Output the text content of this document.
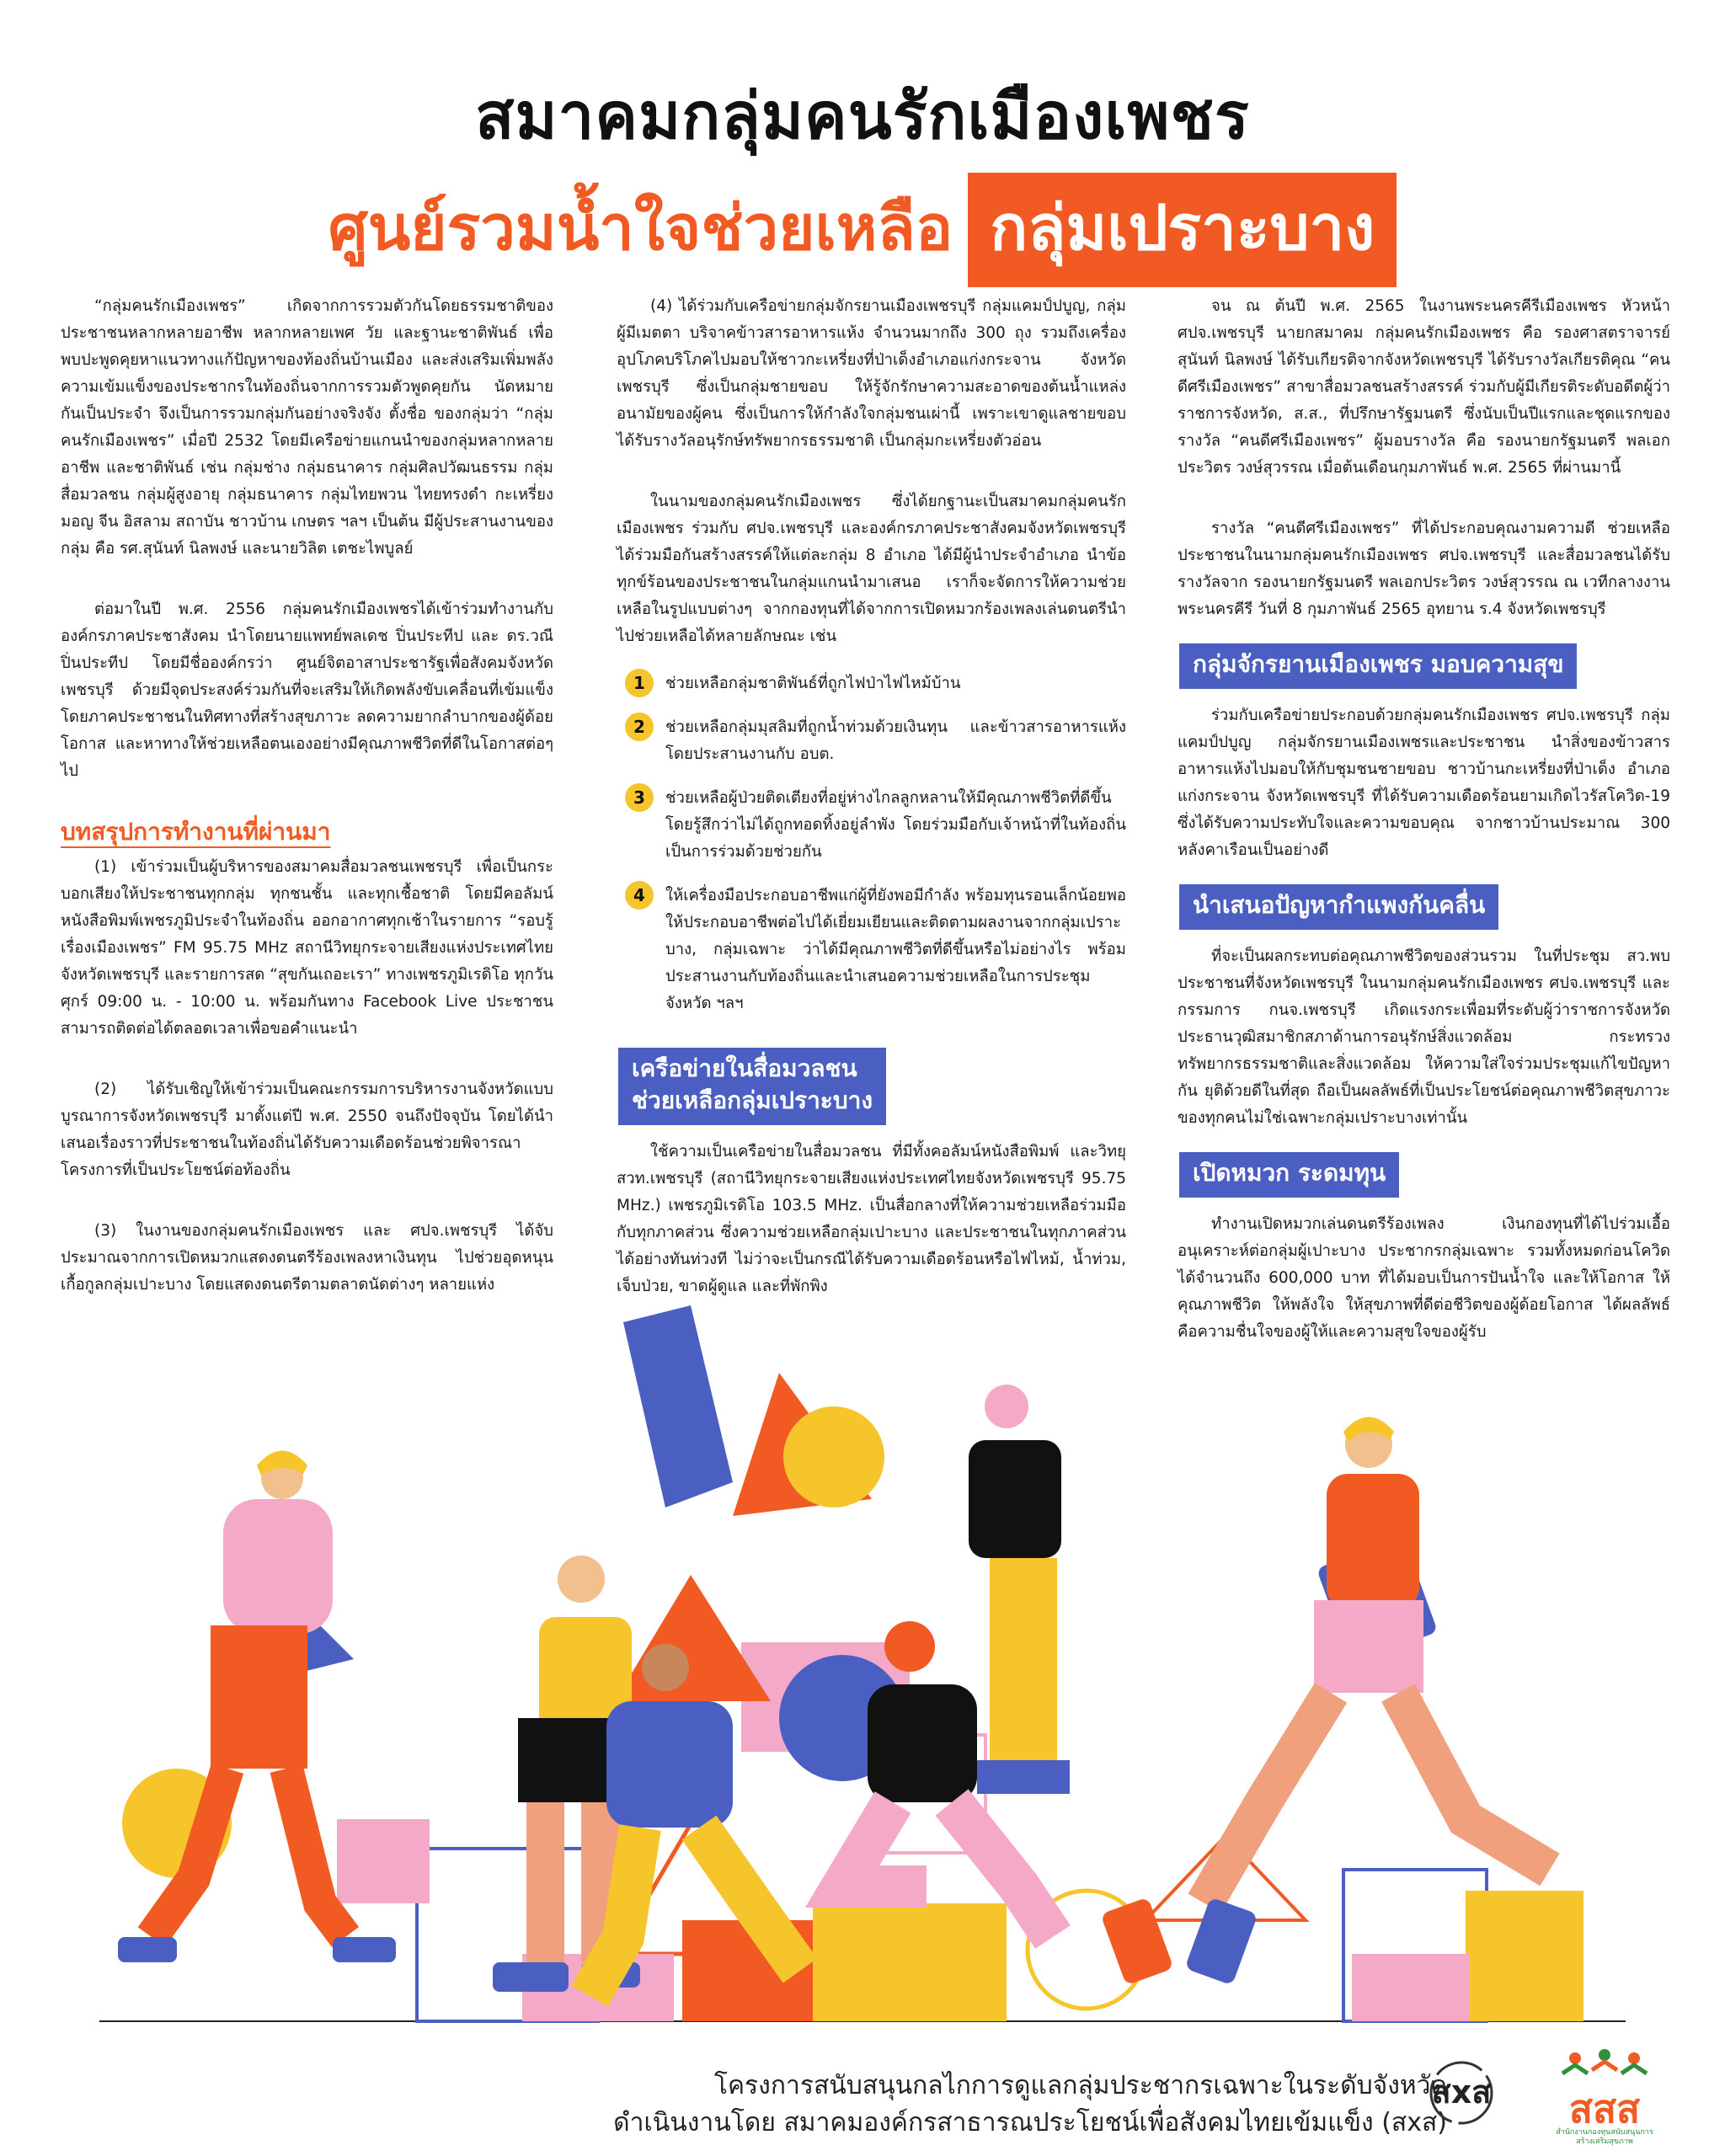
สมาคมกลุ่มคนรักเมืองเพชร
ศูนย์รวมน้ำใจช่วยเหลือ กลุ่มเปราะบาง

“กลุ่มคนรักเมืองเพชร” เกิดจากการรวมตัวกันโดยธรรมชาติของประชาชนหลากหลายอาชีพ หลากหลายเพศ วัย และฐานะชาติพันธ์ เพื่อพบปะพูดคุยหาแนวทางแก้ปัญหาของท้องถิ่นบ้านเมือง และส่งเสริมเพิ่มพลังความเข้มแข็งของประชากรในท้องถิ่นจากการรวมตัวพูดคุยกัน นัดหมายกันเป็นประจำ จึงเป็นการรวมกลุ่มกันอย่างจริงจัง ตั้งชื่อ ของกลุ่มว่า “กลุ่มคนรักเมืองเพชร” เมื่อปี 2532 โดยมีเครือข่ายแกนนำของกลุ่มหลากหลายอาชีพ และชาติพันธ์ เช่น กลุ่มช่าง กลุ่มธนาคาร กลุ่มศิลปวัฒนธรรม กลุ่มสื่อมวลชน กลุ่มผู้สูงอายุ กลุ่มธนาคาร กลุ่มไทยพวน ไทยทรงดำ กะเหรี่ยง มอญ จีน อิสลาม สถาบัน ชาวบ้าน เกษตร ฯลฯ เป็นต้น มีผู้ประสานงานของกลุ่ม คือ รศ.สุนันท์ นิลพงษ์ และนายวิลิต เตชะไพบูลย์

ต่อมาในปี พ.ศ. 2556 กลุ่มคนรักเมืองเพชรได้เข้าร่วมทำงานกับองค์กรภาคประชาสังคม นำโดยนายแพทย์พลเดช ปิ่นประทีป และ ดร.วณี ปิ่นประทีป โดยมีชื่อองค์กรว่า ศูนย์จิตอาสาประชารัฐเพื่อสังคมจังหวัดเพชรบุรี ด้วยมีจุดประสงค์ร่วมกันที่จะเสริมให้เกิดพลังขับเคลื่อนที่เข้มแข็งโดยภาคประชาชนในทิศทางที่สร้างสุขภาวะ ลดความยากลำบากของผู้ด้อยโอกาส และหาทางให้ช่วยเหลือตนเองอย่างมีคุณภาพชีวิตที่ดีในโอกาสต่อๆไป

บทสรุปการทำงานที่ผ่านมา

(1) เข้าร่วมเป็นผู้บริหารของสมาคมสื่อมวลชนเพชรบุรี เพื่อเป็นกระบอกเสียงให้ประชาชนทุกกลุ่ม ทุกชนชั้น และทุกเชื้อชาติ โดยมีคอลัมน์หนังสือพิมพ์เพชรภูมิประจำในท้องถิ่น ออกอากาศทุกเช้าในรายการ “รอบรู้เรื่องเมืองเพชร” FM 95.75 MHz สถานีวิทยุกระจายเสียงแห่งประเทศไทยจังหวัดเพชรบุรี และรายการสด “สุขกันเถอะเรา” ทางเพชรภูมิเรดิโอ ทุกวันศุกร์ 09:00 น. - 10:00 น. พร้อมกันทาง Facebook Live ประชาชนสามารถติดต่อได้ตลอดเวลาเพื่อขอคำแนะนำ

(2) ได้รับเชิญให้เข้าร่วมเป็นคณะกรรมการบริหารงานจังหวัดแบบบูรณาการจังหวัดเพชรบุรี มาตั้งแต่ปี พ.ศ. 2550 จนถึงปัจจุบัน โดยได้นำเสนอเรื่องราวที่ประชาชนในท้องถิ่นได้รับความเดือดร้อนช่วยพิจารณาโครงการที่เป็นประโยชน์ต่อท้องถิ่น

(3) ในงานของกลุ่มคนรักเมืองเพชร และ ศปจ.เพชรบุรี ได้จับประมาณจากการเปิดหมวกแสดงดนตรีร้องเพลงหาเงินทุน ไปช่วยอุดหนุนเกื้อกูลกลุ่มเปาะบาง โดยแสดงดนตรีตามตลาดนัดต่างๆ หลายแห่ง

(4) ได้ร่วมกับเครือข่ายกลุ่มจักรยานเมืองเพชรบุรี กลุ่มแคมป์ปบูญ, กลุ่มผู้มีเมตตา บริจาคข้าวสารอาหารแห้ง จำนวนมากถึง 300 ถุง รวมถึงเครื่องอุปโภคบริโภคไปมอบให้ชาวกะเหรี่ยงที่ป่าเด็งอำเภอแก่งกระจาน จังหวัดเพชรบุรี ซึ่งเป็นกลุ่มชายขอบ ให้รู้จักรักษาความสะอาดของต้นน้ำแหล่งอนามัยของผู้คน ซึ่งเป็นการให้กำลังใจกลุ่มชนเผ่านี้ เพราะเขาดูแลชายขอบ ได้รับรางวัลอนุรักษ์ทรัพยากรธรรมชาติ เป็นกลุ่มกะเหรี่ยงตัวอ่อน

ในนามของกลุ่มคนรักเมืองเพชร ซึ่งได้ยกฐานะเป็นสมาคมกลุ่มคนรักเมืองเพชร ร่วมกับ ศปจ.เพชรบุรี และองค์กรภาคประชาสังคมจังหวัดเพชรบุรี ได้ร่วมมือกันสร้างสรรค์ให้แต่ละกลุ่ม 8 อำเภอ ได้มีผู้นำประจำอำเภอ นำข้อทุกข์ร้อนของประชาชนในกลุ่มแกนนำมาเสนอ เราก็จะจัดการให้ความช่วยเหลือในรูปแบบต่างๆ จากกองทุนที่ได้จากการเปิดหมวกร้องเพลงเล่นดนตรีนำไปช่วยเหลือได้หลายลักษณะ เช่น

1	ช่วยเหลือกลุ่มชาติพันธ์ที่ถูกไฟป่าไฟไหม้บ้าน
2	ช่วยเหลือกลุ่มมุสลิมที่ถูกน้ำท่วมด้วยเงินทุน และข้าวสารอาหารแห้งโดยประสานงานกับ อบต.
3	ช่วยเหลือผู้ป่วยติดเตียงที่อยู่ห่างไกลลูกหลานให้มีคุณภาพชีวิตที่ดีขึ้น โดยรู้สึกว่าไม่ได้ถูกทอดทิ้งอยู่ลำพัง โดยร่วมมือกับเจ้าหน้าที่ในท้องถิ่นเป็นการร่วมด้วยช่วยกัน
4	ให้เครื่องมือประกอบอาชีพแก่ผู้ที่ยังพอมีกำลัง พร้อมทุนรอนเล็กน้อยพอให้ประกอบอาชีพต่อไปได้เยี่ยมเยียนและติดตามผลงานจากกลุ่มเปราะบาง, กลุ่มเฉพาะ ว่าได้มีคุณภาพชีวิตที่ดีขึ้นหรือไม่อย่างไร พร้อมประสานงานกับท้องถิ่นและนำเสนอความช่วยเหลือในการประชุมจังหวัด ฯลฯ
เครือข่ายในสื่อมวลชน
ช่วยเหลือกลุ่มเปราะบาง

ใช้ความเป็นเครือข่ายในสื่อมวลชน ที่มีทั้งคอลัมน์หนังสือพิมพ์ และวิทยุ สวท.เพชรบุรี (สถานีวิทยุกระจายเสียงแห่งประเทศไทยจังหวัดเพชรบุรี 95.75 MHz.) เพชรภูมิเรดิโอ 103.5 MHz. เป็นสื่อกลางที่ให้ความช่วยเหลือร่วมมือกับทุกภาคส่วน ซึ่งความช่วยเหลือกลุ่มเปาะบาง และประชาชนในทุกภาคส่วนได้อย่างทันท่วงที ไม่ว่าจะเป็นกรณีได้รับความเดือดร้อนหรือไฟไหม้, น้ำท่วม, เจ็บป่วย, ขาดผู้ดูแล และที่พักพิง

จน ณ ต้นปี พ.ศ. 2565 ในงานพระนครคีรีเมืองเพชร หัวหน้า ศปจ.เพชรบุรี นายกสมาคม กลุ่มคนรักเมืองเพชร คือ รองศาสตราจารย์สุนันท์ นิลพงษ์ ได้รับเกียรติจากจังหวัดเพชรบุรี ได้รับรางวัลเกียรติคุณ “คนดีศรีเมืองเพชร” สาขาสื่อมวลชนสร้างสรรค์ ร่วมกับผู้มีเกียรติระดับอดีตผู้ว่าราชการจังหวัด, ส.ส., ที่ปรึกษารัฐมนตรี ซึ่งนับเป็นปีแรกและชุดแรกของรางวัล “คนดีศรีเมืองเพชร” ผู้มอบรางวัล คือ รองนายกรัฐมนตรี พลเอกประวิตร วงษ์สุวรรณ เมื่อต้นเดือนกุมภาพันธ์ พ.ศ. 2565 ที่ผ่านมานี้

รางวัล “คนดีศรีเมืองเพชร” ที่ได้ประกอบคุณงามความดี ช่วยเหลือประชาชนในนามกลุ่มคนรักเมืองเพชร ศปจ.เพชรบุรี และสื่อมวลชนได้รับรางวัลจาก รองนายกรัฐมนตรี พลเอกประวิตร วงษ์สุวรรณ ณ เวทีกลางงานพระนครคีรี วันที่ 8 กุมภาพันธ์ 2565 อุทยาน ร.4 จังหวัดเพชรบุรี

กลุ่มจักรยานเมืองเพชร มอบความสุข

ร่วมกับเครือข่ายประกอบด้วยกลุ่มคนรักเมืองเพชร ศปจ.เพชรบุรี กลุ่มแคมป์ปบูญ กลุ่มจักรยานเมืองเพชรและประชาชน นำสิ่งของข้าวสารอาหารแห้งไปมอบให้กับชุมชนชายขอบ ชาวบ้านกะเหรี่ยงที่ป่าเด็ง อำเภอแก่งกระจาน จังหวัดเพชรบุรี ที่ได้รับความเดือดร้อนยามเกิดไวรัสโควิด-19 ซึ่งได้รับความประทับใจและความขอบคุณ จากชาวบ้านประมาณ 300 หลังคาเรือนเป็นอย่างดี

นำเสนอปัญหากำแพงกันคลื่น

ที่จะเป็นผลกระทบต่อคุณภาพชีวิตของส่วนรวม ในที่ประชุม สว.พบประชาชนที่จังหวัดเพชรบุรี ในนามกลุ่มคนรักเมืองเพชร ศปจ.เพชรบุรี และกรรมการ กนจ.เพชรบุรี เกิดแรงกระเพื่อมที่ระดับผู้ว่าราชการจังหวัด ประธานวุฒิสมาชิกสภาด้านการอนุรักษ์สิ่งแวดล้อม กระทรวงทรัพยากรธรรมชาติและสิ่งแวดล้อม ให้ความใส่ใจร่วมประชุมแก้ไขปัญหากัน ยุติด้วยดีในที่สุด ถือเป็นผลลัพธ์ที่เป็นประโยชน์ต่อคุณภาพชีวิตสุขภาวะของทุกคนไม่ใช่เฉพาะกลุ่มเปราะบางเท่านั้น

เปิดหมวก ระดมทุน

ทำงานเปิดหมวกเล่นดนตรีร้องเพลง เงินกองทุนที่ได้ไปร่วมเอื้ออนุเคราะห์ต่อกลุ่มผู้เปาะบาง ประชากรกลุ่มเฉพาะ รวมทั้งหมดก่อนโควิดได้จำนวนถึง 600,000 บาท ที่ได้มอบเป็นการปันน้ำใจ และให้โอกาส ให้คุณภาพชีวิต ให้พลังใจ ให้สุขภาพที่ดีต่อชีวิตของผู้ด้อยโอกาส ได้ผลลัพธ์คือความชื่นใจของผู้ให้และความสุขใจของผู้รับ

โครงการสนับสนุนกลไกการดูแลกลุ่มประชากรเฉพาะในระดับจังหวัด
ดำเนินงานโดย สมาคมองค์กรสาธารณประโยชน์เพื่อสังคมไทยเข้มแข็ง (สxส)
สxส สสส
สำนักงานกองทุนสนับสนุนการสร้างเสริมสุขภาพ
